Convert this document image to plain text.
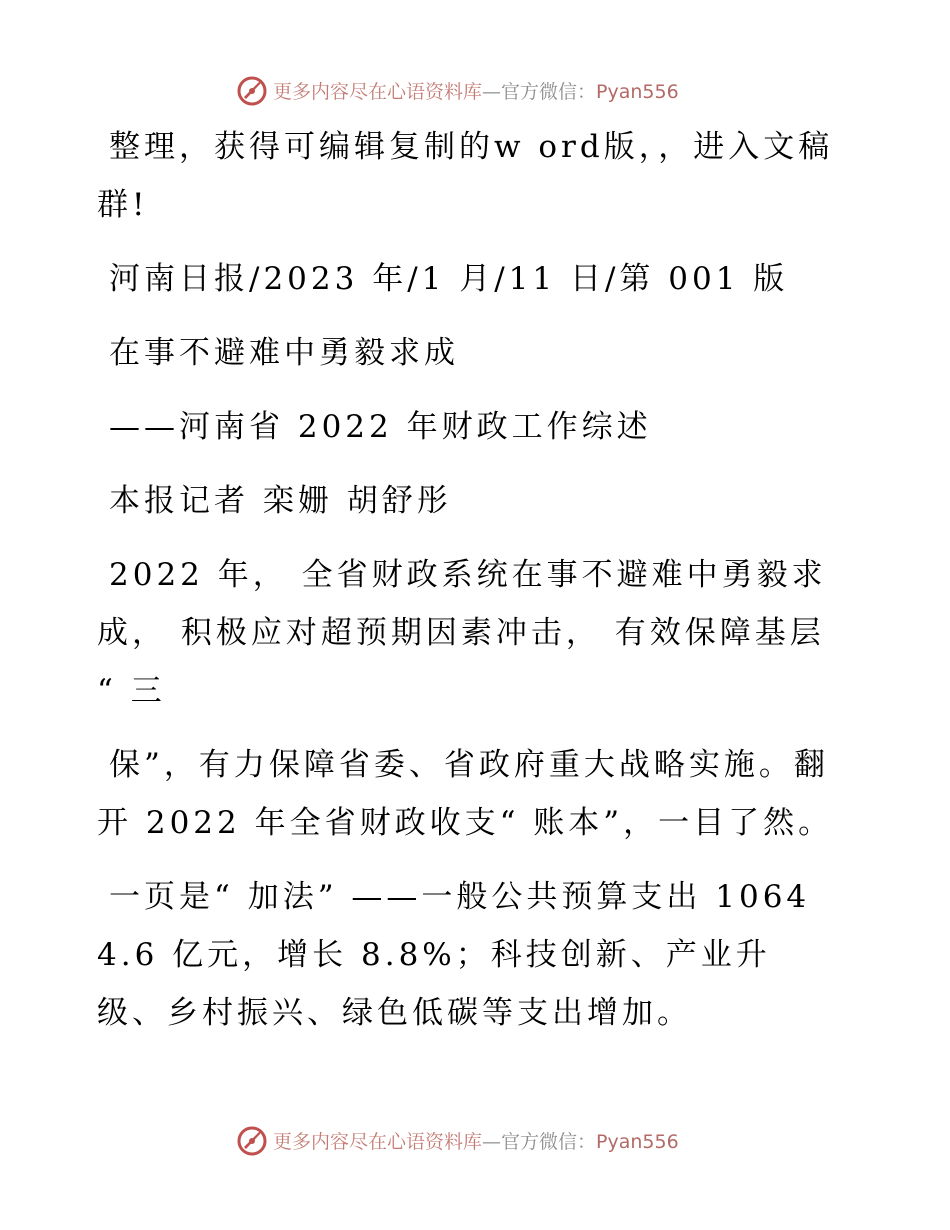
更多内容尽在心语资料库—官方微信：Pyan556

整理，获得可编辑复制的w ord版，，进入文稿群!

河南日报/2023 年/1 月/11 日/第 001 版

在事不避难中勇毅求成

——河南省 2022 年财政工作综述

本报记者 栾姗 胡舒彤

2022 年， 全省财政系统在事不避难中勇毅求成， 积极应对超预期因素冲击， 有效保障基层 “ 三

保”，有力保障省委、省政府重大战略实施。翻开 2022 年全省财政收支“ 账本”，一目了然。

一页是“ 加法” ——一般公共预算支出 10644.6 亿元，增长 8.8%；科技创新、产业升级、乡村振兴、绿色低碳等支出增加。

更多内容尽在心语资料库—官方微信：Pyan556
